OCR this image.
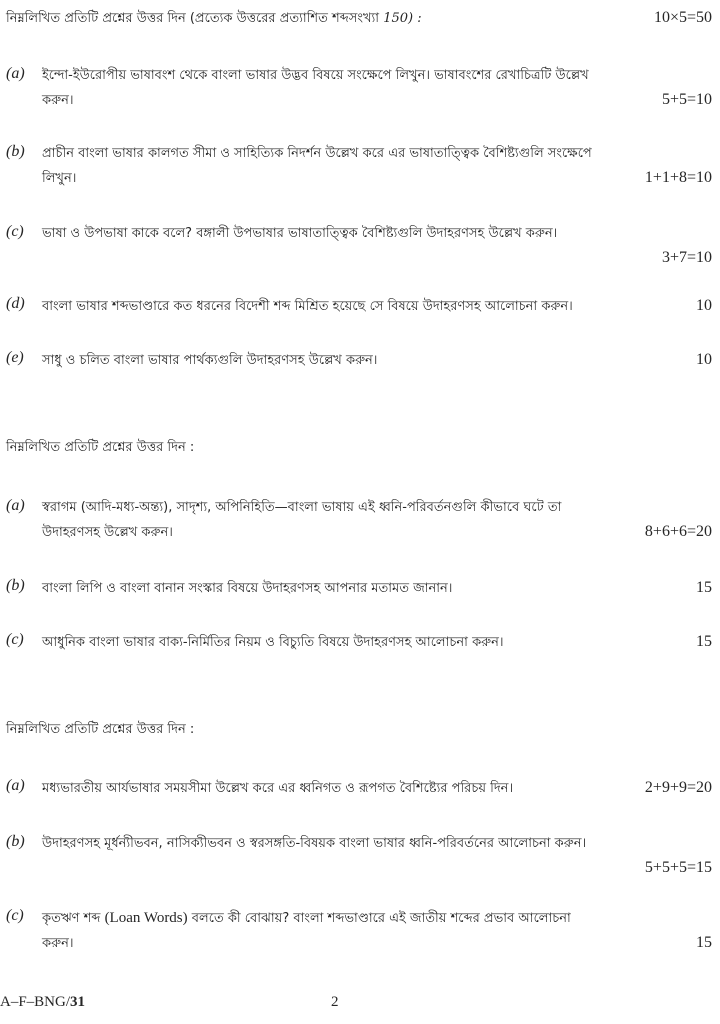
নিম্নলিখিত প্রতিটি প্রশ্নের উত্তর দিন (প্রত্যেক উত্তরের প্রত্যাশিত শব্দসংখ্যা 150) :	10×5=50
(a) ইন্দো-ইউরোপীয় ভাষাবংশ থেকে বাংলা ভাষার উদ্ভব বিষয়ে সংক্ষেপে লিখুন। ভাষাবংশের রেখাচিত্রটি উল্লেখ
করুন।	5+5=10
(b) প্রাচীন বাংলা ভাষার কালগত সীমা ও সাহিত্যিক নিদর্শন উল্লেখ করে এর ভাষাতাত্ত্বিক বৈশিষ্ট্যগুলি সংক্ষেপে
লিখুন।	1+1+8=10
(c) ভাষা ও উপভাষা কাকে বলে? বঙ্গালী উপভাষার ভাষাতাত্ত্বিক বৈশিষ্ট্যগুলি উদাহরণসহ উল্লেখ করুন।
3+7=10
(d) বাংলা ভাষার শব্দভাণ্ডারে কত ধরনের বিদেশী শব্দ মিশ্রিত হয়েছে সে বিষয়ে উদাহরণসহ আলোচনা করুন।	10
(e) সাধু ও চলিত বাংলা ভাষার পার্থক্যগুলি উদাহরণসহ উল্লেখ করুন।	10
নিম্নলিখিত প্রতিটি প্রশ্নের উত্তর দিন :
(a) স্বরাগম (আদি-মধ্য-অন্ত্য), সাদৃশ্য, অপিনিহিতি—বাংলা ভাষায় এই ধ্বনি-পরিবর্তনগুলি কীভাবে ঘটে তা
উদাহরণসহ উল্লেখ করুন।	8+6+6=20
(b) বাংলা লিপি ও বাংলা বানান সংস্কার বিষয়ে উদাহরণসহ আপনার মতামত জানান।	15
(c) আধুনিক বাংলা ভাষার বাক্য-নির্মিতির নিয়ম ও বিচ্যুতি বিষয়ে উদাহরণসহ আলোচনা করুন।	15
নিম্নলিখিত প্রতিটি প্রশ্নের উত্তর দিন :
(a) মধ্যভারতীয় আর্যভাষার সময়সীমা উল্লেখ করে এর ধ্বনিগত ও রূপগত বৈশিষ্ট্যের পরিচয় দিন।	2+9+9=20
(b) উদাহরণসহ মূর্ধন্যীভবন, নাসিক্যীভবন ও স্বরসঙ্গতি-বিষয়ক বাংলা ভাষার ধ্বনি-পরিবর্তনের আলোচনা করুন।
5+5+5=15
(c) কৃতঋণ শব্দ (Loan Words) বলতে কী বোঝায়? বাংলা শব্দভাণ্ডারে এই জাতীয় শব্দের প্রভাব আলোচনা
করুন।	15
A–F–BNG/31	2
